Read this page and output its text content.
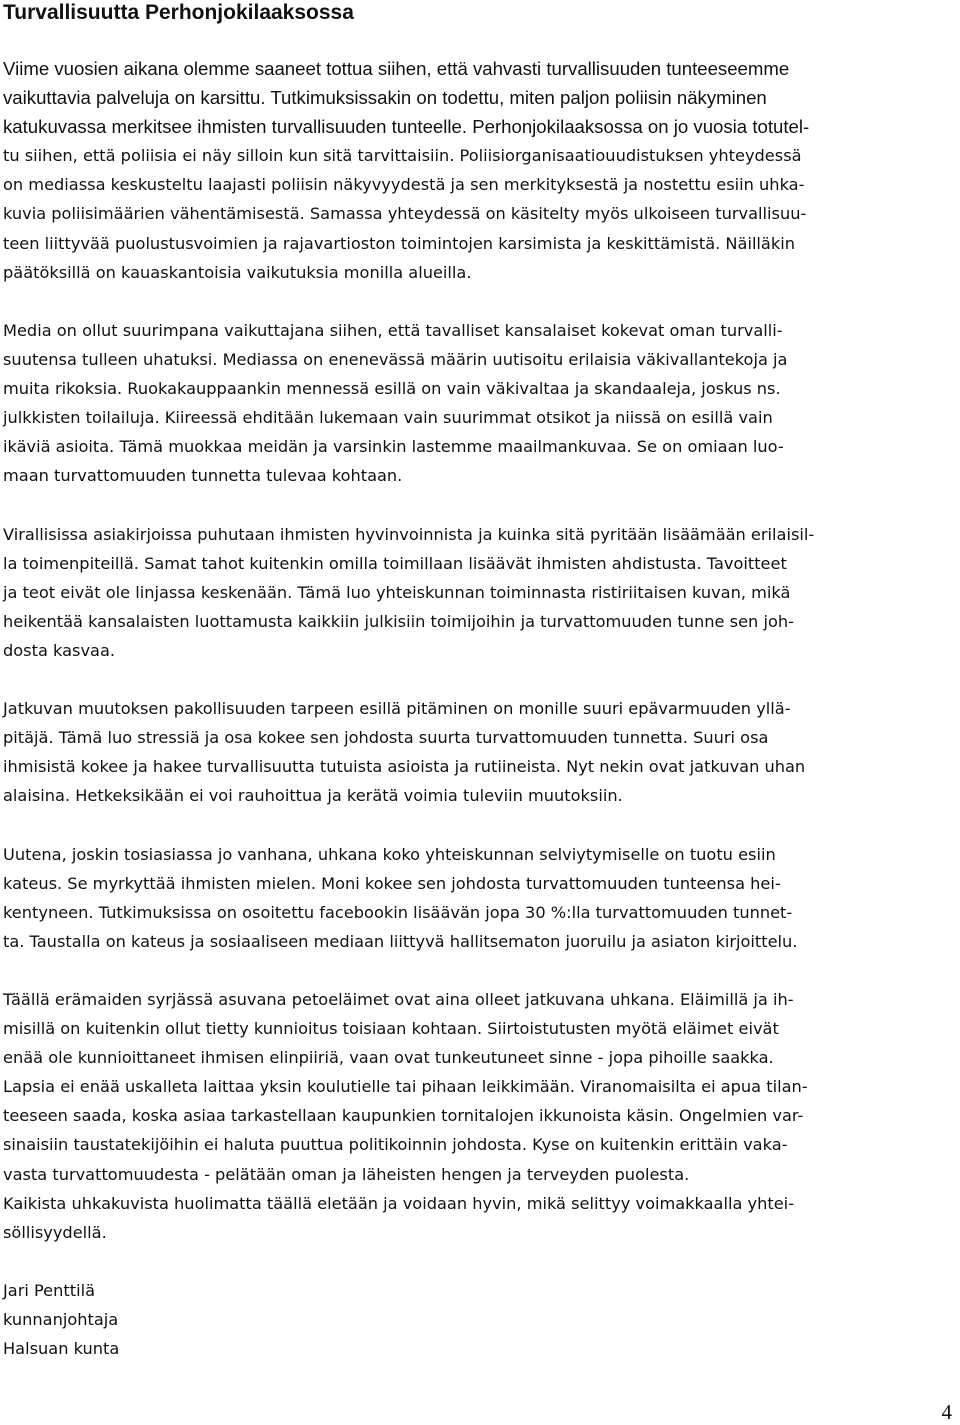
Turvallisuutta Perhonjokilaaksossa
Viime vuosien aikana olemme saaneet tottua siihen, että vahvasti turvallisuuden tunteeseemme
vaikuttavia palveluja on karsittu. Tutkimuksissakin on todettu, miten paljon poliisin näkyminen
katukuvassa merkitsee ihmisten turvallisuuden tunteelle. Perhonjokilaaksossa on jo vuosia totutel-
tu siihen, että poliisia ei näy silloin kun sitä tarvittaisiin. Poliisiorganisaatiouudistuksen yhteydessä
on mediassa keskusteltu laajasti poliisin näkyvyydestä ja sen merkityksestä ja nostettu esiin uhka-
kuvia poliisimäärien vähentämisestä. Samassa yhteydessä on käsitelty myös ulkoiseen turvallisuu-
teen liittyvää puolustusvoimien ja rajavartioston toimintojen karsimista ja keskittämistä. Näilläkin
päätöksillä on kauaskantoisia vaikutuksia monilla alueilla.
Media on ollut suurimpana vaikuttajana siihen, että tavalliset kansalaiset kokevat oman turvalli-
suutensa tulleen uhatuksi. Mediassa on enenevässä määrin uutisoitu erilaisia väkivallantekoja ja
muita rikoksia. Ruokakauppaankin mennessä esillä on vain väkivaltaa ja skandaaleja, joskus ns.
julkkisten toilailuja. Kiireessä ehditään lukemaan vain suurimmat otsikot ja niissä on esillä vain
ikäviä asioita. Tämä muokkaa meidän ja varsinkin lastemme maailmankuvaa. Se on omiaan luo-
maan turvattomuuden tunnetta tulevaa kohtaan.
Virallisissa asiakirjoissa puhutaan ihmisten hyvinvoinnista ja kuinka sitä pyritään lisäämään erilaisil-
la toimenpiteillä. Samat tahot kuitenkin omilla toimillaan lisäävät ihmisten ahdistusta. Tavoitteet
ja teot eivät ole linjassa keskenään. Tämä luo yhteiskunnan toiminnasta ristiriitaisen kuvan, mikä
heikentää kansalaisten luottamusta kaikkiin julkisiin toimijoihin ja turvattomuuden tunne sen joh-
dosta kasvaa.
Jatkuvan muutoksen pakollisuuden tarpeen esillä pitäminen on monille suuri epävarmuuden yllä-
pitäjä. Tämä luo stressiä ja osa kokee sen johdosta suurta turvattomuuden tunnetta. Suuri osa
ihmisistä kokee ja hakee turvallisuutta tutuista asioista ja rutiineista. Nyt nekin ovat jatkuvan uhan
alaisina. Hetkeksikään ei voi rauhoittua ja kerätä voimia tuleviin muutoksiin.
Uutena, joskin tosiasiassa jo vanhana, uhkana koko yhteiskunnan selviytymiselle on tuotu esiin
kateus. Se myrkyttää ihmisten mielen. Moni kokee sen johdosta turvattomuuden tunteensa hei-
kentyneen. Tutkimuksissa on osoitettu facebookin lisäävän jopa 30 %:lla turvattomuuden tunnet-
ta. Taustalla on kateus ja sosiaaliseen mediaan liittyvä hallitsematon juoruilu ja asiaton kirjoittelu.
Täällä erämaiden syrjässä asuvana petoeläimet ovat aina olleet jatkuvana uhkana. Eläimillä ja ih-
misillä on kuitenkin ollut tietty kunnioitus toisiaan kohtaan. Siirtoistutusten myötä eläimet eivät
enää ole kunnioittaneet ihmisen elinpiiriä, vaan ovat tunkeutuneet sinne - jopa pihoille saakka.
Lapsia ei enää uskalleta laittaa yksin koulutielle tai pihaan leikkimään. Viranomaisilta ei apua tilan-
teeseen saada, koska asiaa tarkastellaan kaupunkien tornitalojen ikkunoista käsin. Ongelmien var-
sinaisiin taustatekijöihin ei haluta puuttua politikoinnin johdosta. Kyse on kuitenkin erittäin vaka-
vasta turvattomuudesta - pelätään oman ja läheisten hengen ja terveyden puolesta.
Kaikista uhkakuvista huolimatta täällä eletään ja voidaan hyvin, mikä selittyy voimakkaalla yhtei-
söllisyydellä.
Jari Penttilä
kunnanjohtaja
Halsuan kunta
4
